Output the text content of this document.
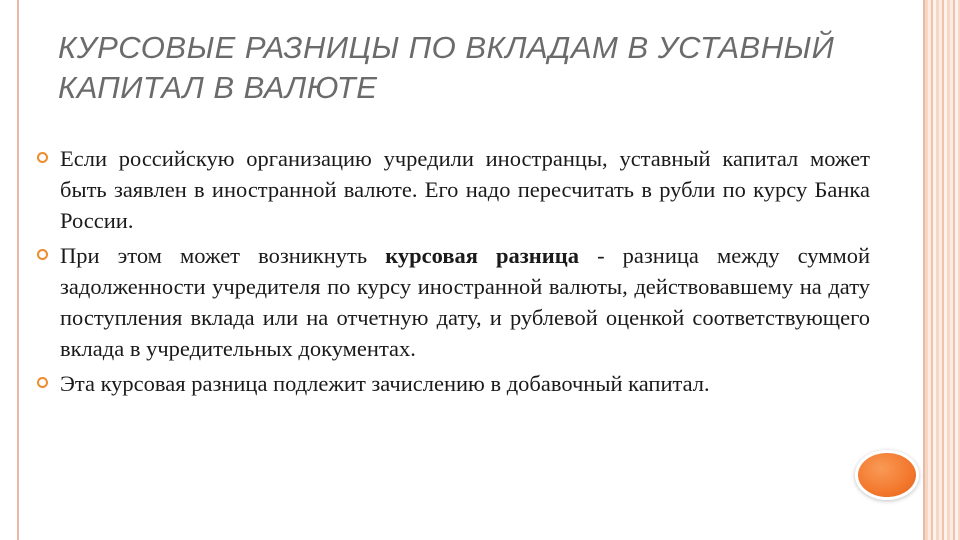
КУРСОВЫЕ РАЗНИЦЫ ПО ВКЛАДАМ В УСТАВНЫЙ КАПИТАЛ В ВАЛЮТЕ
Если российскую организацию учредили иностранцы, уставный капитал может быть заявлен в иностранной валюте. Его надо пересчитать в рубли по курсу Банка России.
При этом может возникнуть курсовая разница - разница между суммой задолженности учредителя по курсу иностранной валюты, действовавшему на дату поступления вклада или на отчетную дату, и рублевой оценкой соответствующего вклада в учредительных документах.
Эта курсовая разница подлежит зачислению в добавочный капитал.
